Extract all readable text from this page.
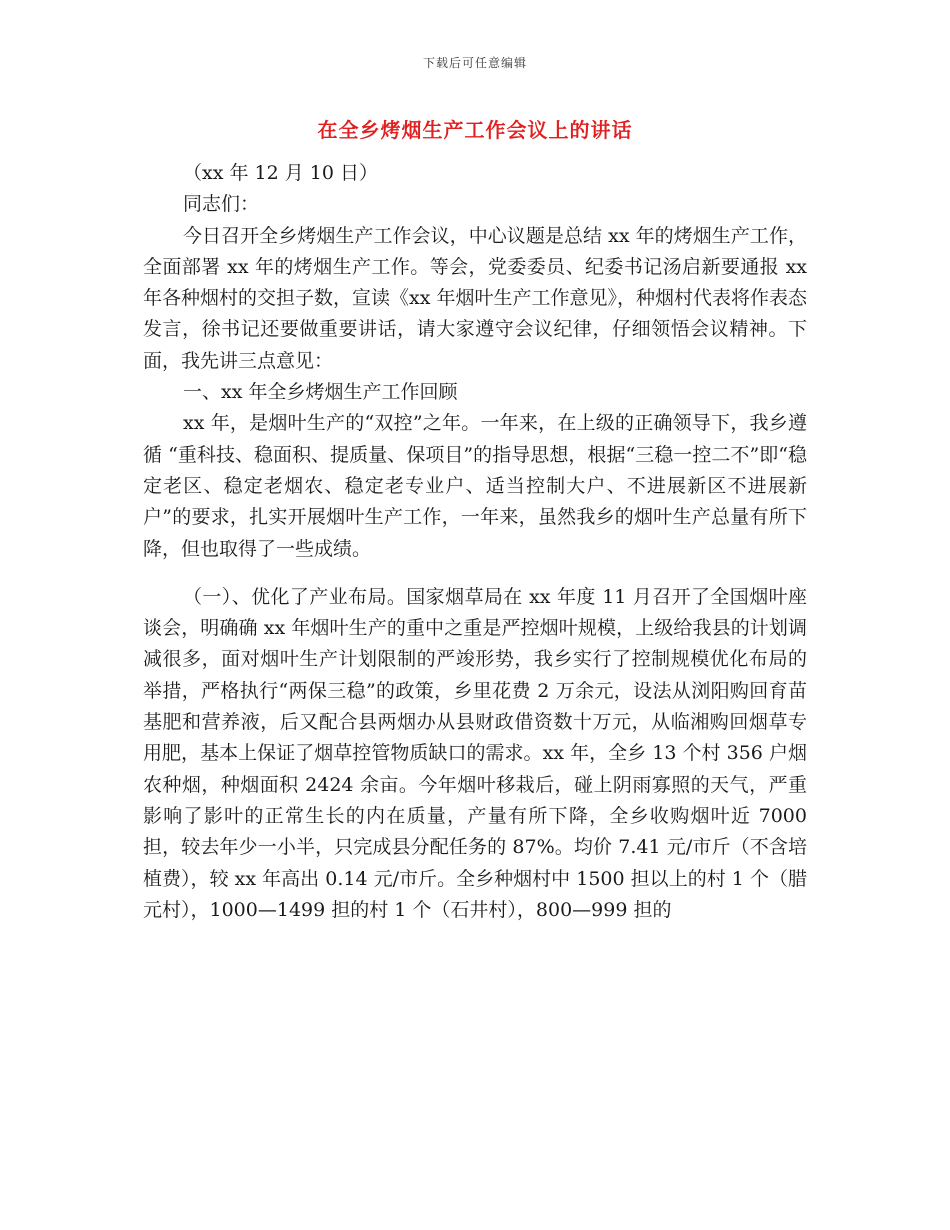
下载后可任意编辑
在全乡烤烟生产工作会议上的讲话

（xx 年 12 月 10 日）

同志们：

今日召开全乡烤烟生产工作会议，中心议题是总结 xx 年的烤烟生产工作，全面部署 xx 年的烤烟生产工作。等会，党委委员、纪委书记汤启新要通报 xx 年各种烟村的交担子数，宣读《xx 年烟叶生产工作意见》，种烟村代表将作表态发言，徐书记还要做重要讲话，请大家遵守会议纪律，仔细领悟会议精神。下面，我先讲三点意见：

一、xx 年全乡烤烟生产工作回顾

xx 年，是烟叶生产的“双控”之年。一年来，在上级的正确领导下，我乡遵循 “重科技、稳面积、提质量、保项目”的指导思想，根据“三稳一控二不”即“稳定老区、稳定老烟农、稳定老专业户、适当控制大户、不进展新区不进展新户”的要求，扎实开展烟叶生产工作，一年来，虽然我乡的烟叶生产总量有所下降，但也取得了一些成绩。

（一）、优化了产业布局。国家烟草局在 xx 年度 11 月召开了全国烟叶座谈会，明确确 xx 年烟叶生产的重中之重是严控烟叶规模，上级给我县的计划调减很多，面对烟叶生产计划限制的严竣形势，我乡实行了控制规模优化布局的举措，严格执行“两保三稳”的政策，乡里花费 2 万余元，设法从浏阳购回育苗基肥和营养液，后又配合县两烟办从县财政借资数十万元，从临湘购回烟草专用肥，基本上保证了烟草控管物质缺口的需求。xx 年，全乡 13 个村 356 户烟农种烟，种烟面积 2424 余亩。今年烟叶移栽后，碰上阴雨寡照的天气，严重影响了影叶的正常生长的内在质量，产量有所下降，全乡收购烟叶近 7000 担，较去年少一小半，只完成县分配任务的 87%。均价 7.41 元/市斤（不含培植费），较 xx 年高出 0.14 元/市斤。全乡种烟村中 1500 担以上的村 1 个（腊元村），1000—1499 担的村 1 个（石井村），800—999 担的
